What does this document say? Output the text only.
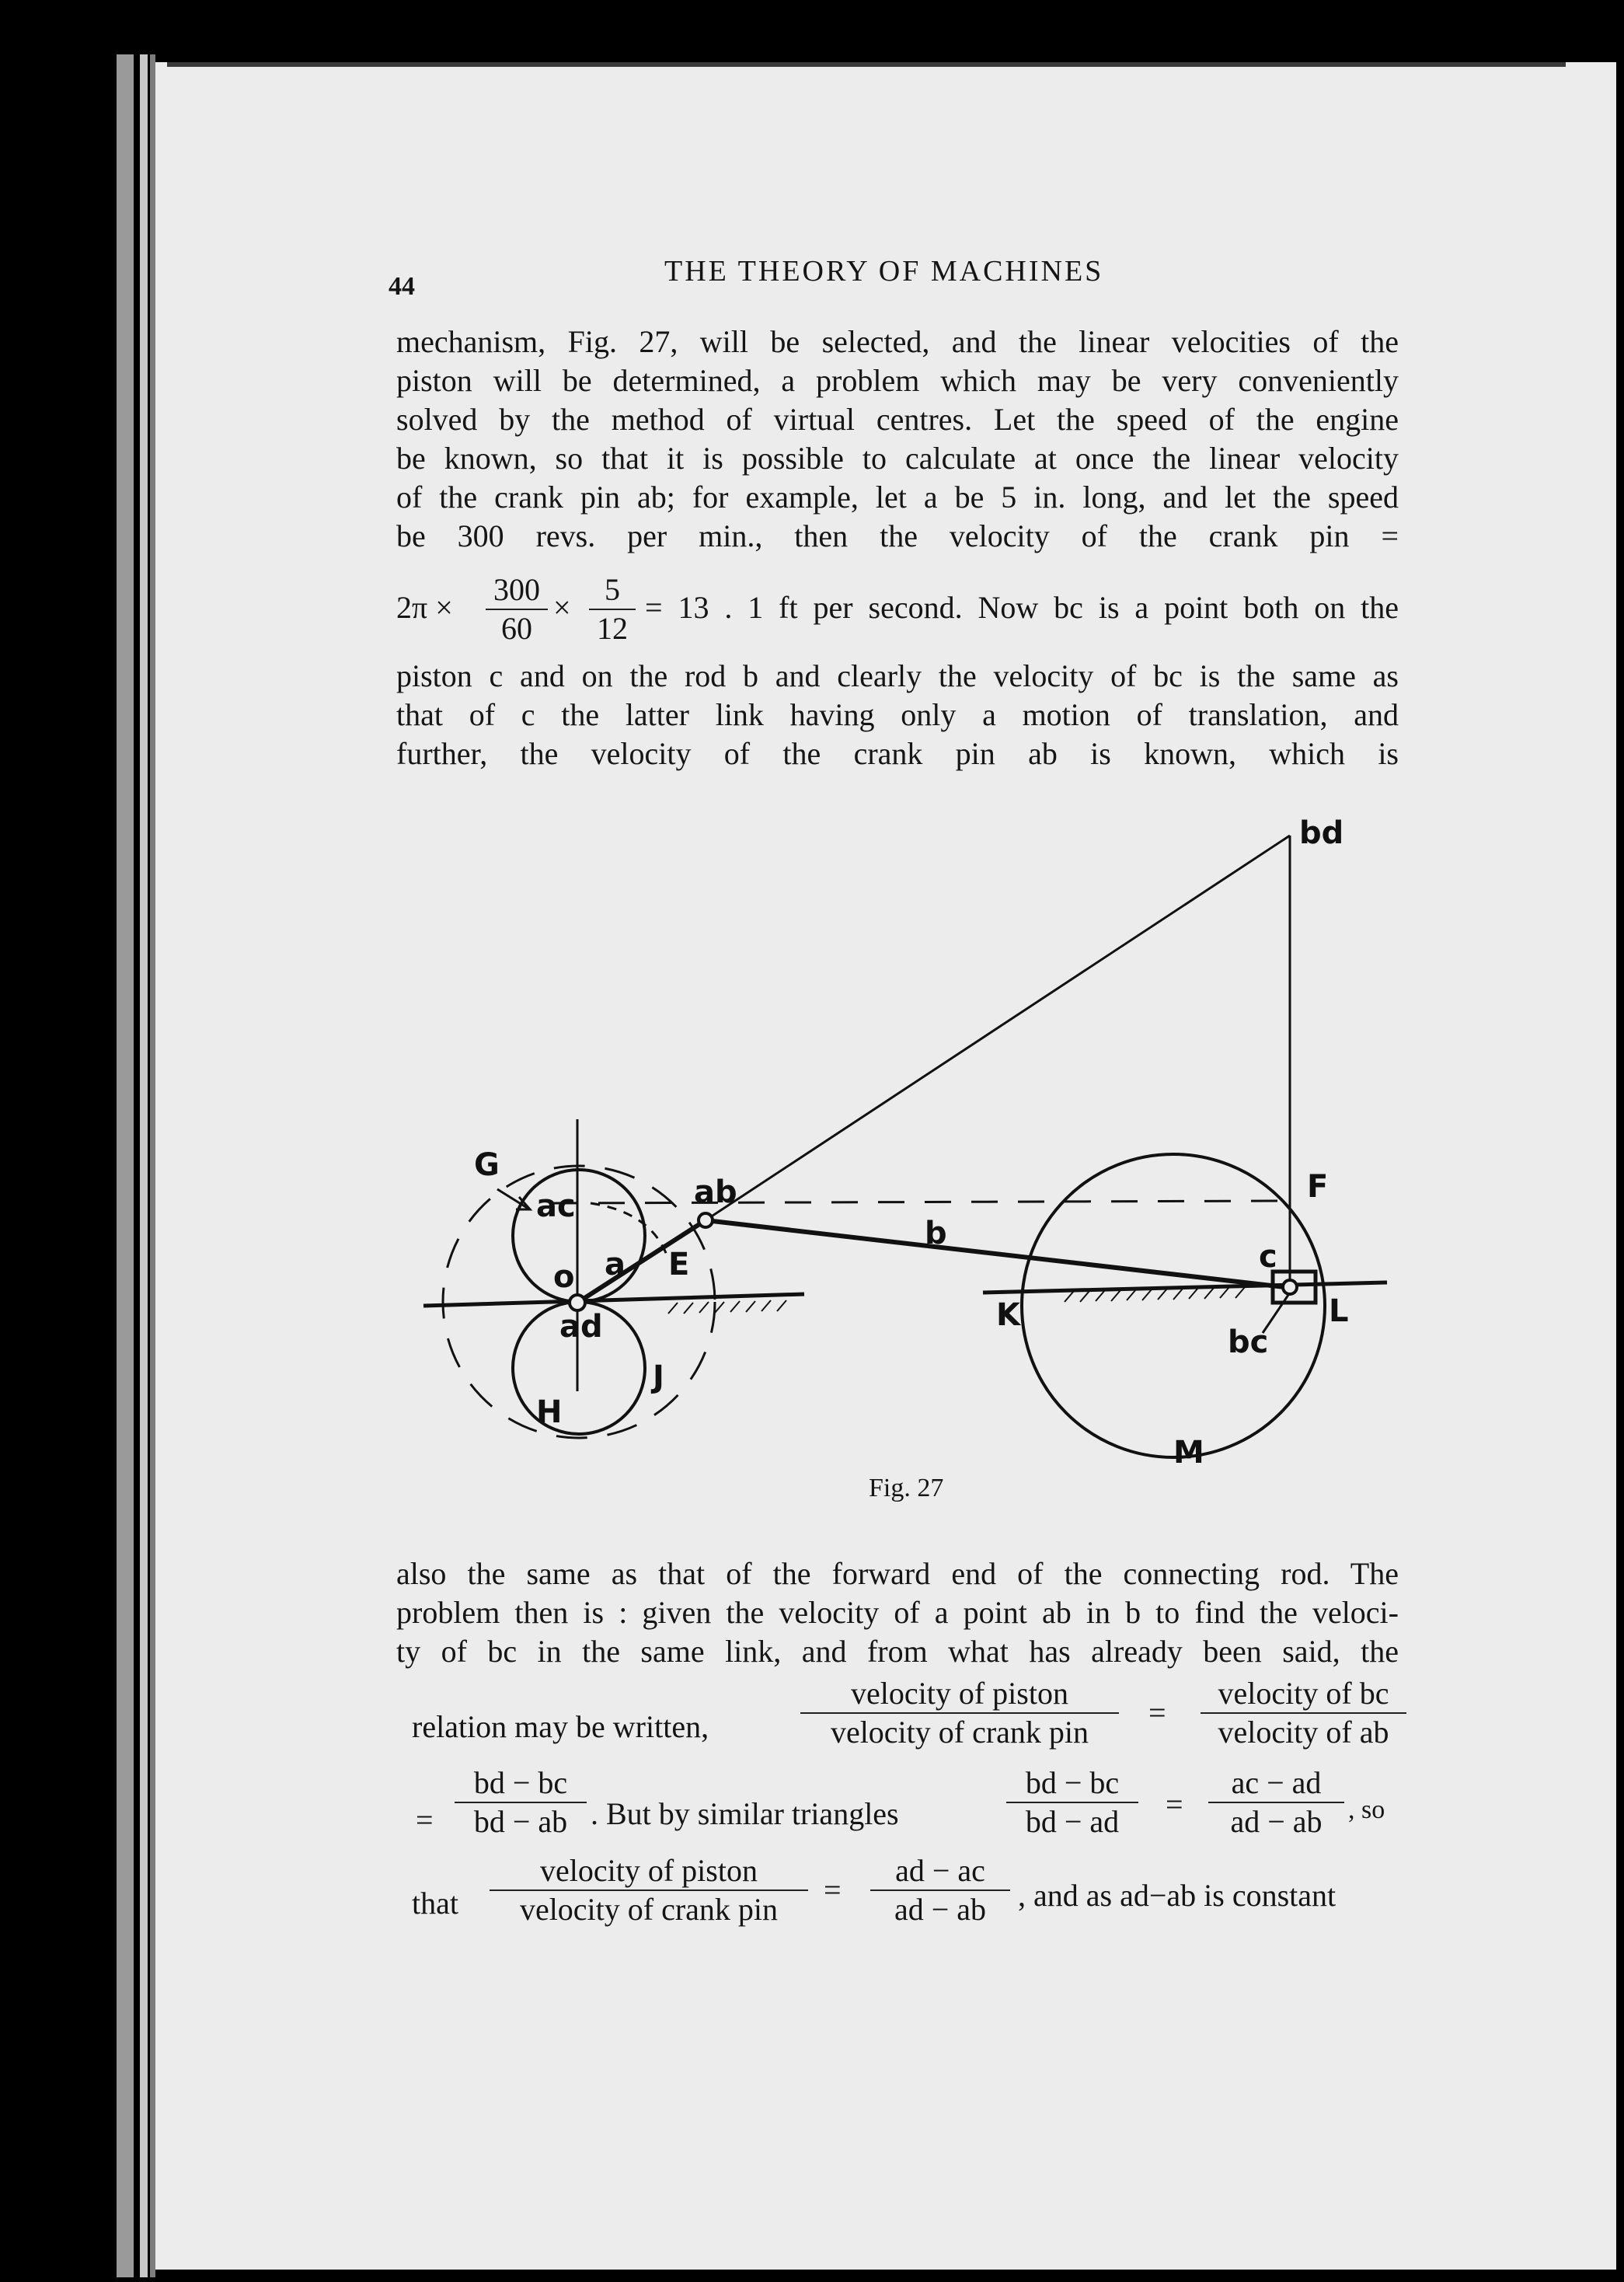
44	THE THEORY OF MACHINES
mechanism, Fig. 27, will be selected, and the linear velocities of the
piston will be determined, a problem which may be very conveniently
solved by the method of virtual centres. Let the speed of the engine
be known, so that it is possible to calculate at once the linear velocity
of the crank pin ab; for example, let a be 5 in. long, and let the speed
be 300 revs. per min., then the velocity of the crank pin =
$2\pi \times \frac{300}{60} \times \frac{5}{12} = 13$ . 1 ft per second. Now bc is a point both on the
piston c and on the rod b and clearly the velocity of bc is the same as
that of c the latter link having only a motion of translation, and
further, the velocity of the crank pin ab is known, which is
bd
G
ac	ab
o a E
ad
J
H
b
F
c
K	L
bc
M
Fig. 27
also the same as that of the forward end of the connecting rod. The
problem then is : given the velocity of a point ab in b to find the veloci-
ty of bc in the same link, and from what has already been said, the
relation may be written,
velocity of piston
velocity of crank pin
=
velocity of bc
velocity of ab
= $\frac{bd - bc}{bd - ab}$ . But by similar triangles	$\frac{bd - bc}{bd - ad} = \frac{ac - ad}{ad - ab}$ , so
that
velocity of piston
velocity of crank pin
= $\frac{ad - ac}{ad - ab}$ , and as ad−ab is constant
